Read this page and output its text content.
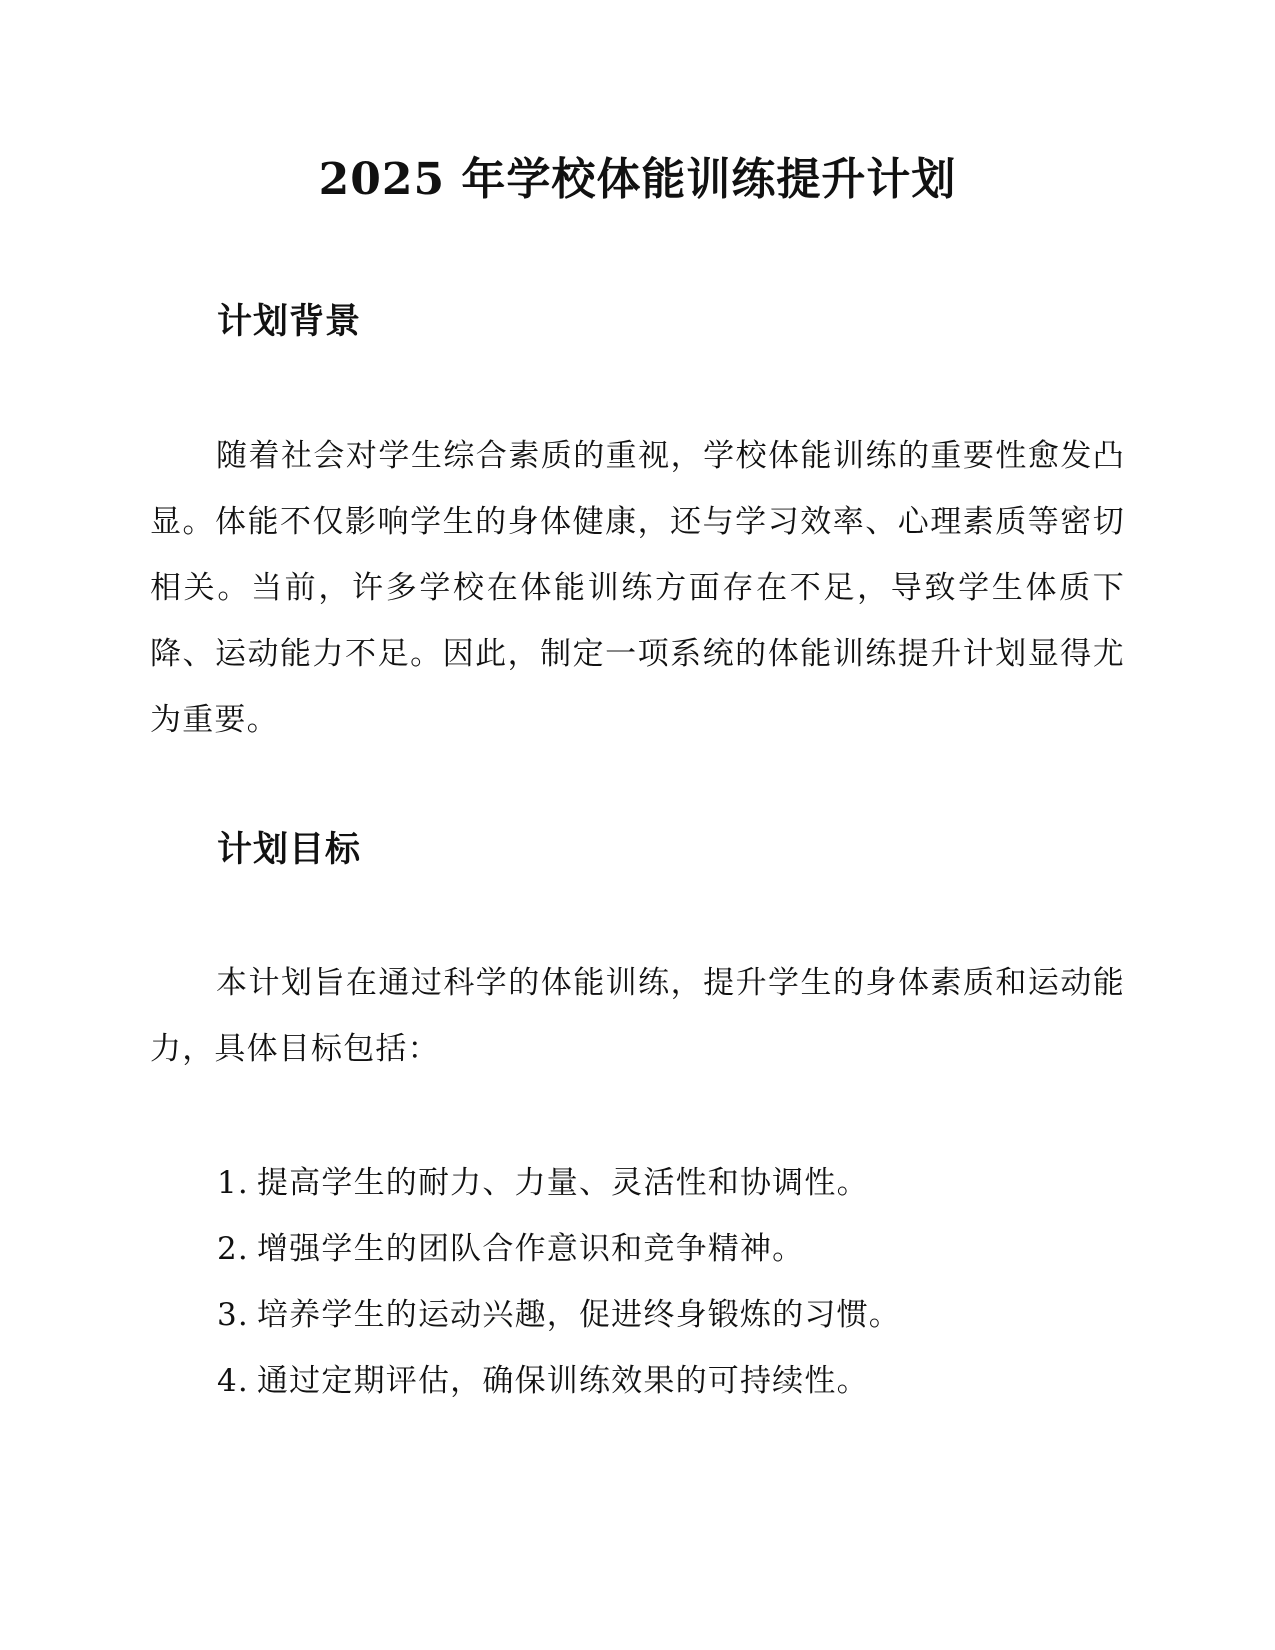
2025 年学校体能训练提升计划
计划背景

随着社会对学生综合素质的重视，学校体能训练的重要性愈发凸显。体能不仅影响学生的身体健康，还与学习效率、心理素质等密切相关。当前，许多学校在体能训练方面存在不足，导致学生体质下降、运动能力不足。因此，制定一项系统的体能训练提升计划显得尤为重要。

计划目标

本计划旨在通过科学的体能训练，提升学生的身体素质和运动能力，具体目标包括：

1. 提高学生的耐力、力量、灵活性和协调性。
2. 增强学生的团队合作意识和竞争精神。
3. 培养学生的运动兴趣，促进终身锻炼的习惯。
4. 通过定期评估，确保训练效果的可持续性。
